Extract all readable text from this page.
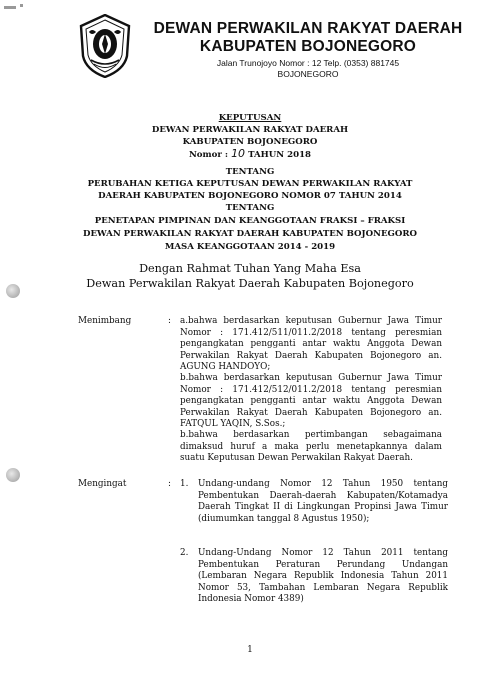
DEWAN PERWAKILAN RAKYAT DAERAH
KABUPATEN BOJONEGORO
Jalan Trunojoyo Nomor : 12 Telp. (0353) 881745
BOJONEGORO
KEPUTUSAN
DEWAN PERWAKILAN RAKYAT DAERAH
KABUPATEN BOJONEGORO
Nomor : 10 TAHUN 2018
TENTANG
PERUBAHAN KETIGA KEPUTUSAN DEWAN PERWAKILAN RAKYAT
DAERAH KABUPATEN BOJONEGORO NOMOR 07 TAHUN 2014
TENTANG
PENETAPAN PIMPINAN DAN KEANGGOTAAN FRAKSI – FRAKSI
DEWAN PERWAKILAN RAKYAT DAERAH KABUPATEN BOJONEGORO
MASA KEANGGOTAAN 2014 - 2019
Dengan Rahmat Tuhan Yang Maha Esa
Dewan Perwakilan Rakyat Daerah Kabupaten Bojonegoro
Menimbang	: a.bahwa berdasarkan keputusan Gubernur Jawa Timur Nomor : 171.412/511/011.2/2018 tentang peresmian pengangkatan pengganti antar waktu Anggota Dewan Perwakilan Rakyat Daerah Kabupaten Bojonegoro an. AGUNG HANDOYO;
b.bahwa berdasarkan keputusan Gubernur Jawa Timur Nomor : 171.412/512/011.2/2018 tentang peresmian pengangkatan pengganti antar waktu Anggota Dewan Perwakilan Rakyat Daerah Kabupaten Bojonegoro an. FATQUL YAQIN, S.Sos.;
b.bahwa berdasarkan pertimbangan sebagaimana dimaksud huruf a maka perlu menetapkannya dalam suatu Keputusan Dewan Perwakilan Rakyat Daerah.
Mengingat	: 1.	Undang-undang Nomor 12 Tahun 1950 tentang Pembentukan Daerah-daerah Kabupaten/Kotamadya Daerah Tingkat II di Lingkungan Propinsi Jawa Timur (diumumkan tanggal 8 Agustus 1950);
2.	Undang-Undang Nomor 12 Tahun 2011 tentang Pembentukan Peraturan Perundang Undangan (Lembaran Negara Republik Indonesia Tahun 2011 Nomor 53, Tambahan Lembaran Negara Republik Indonesia Nomor 4389)
1
